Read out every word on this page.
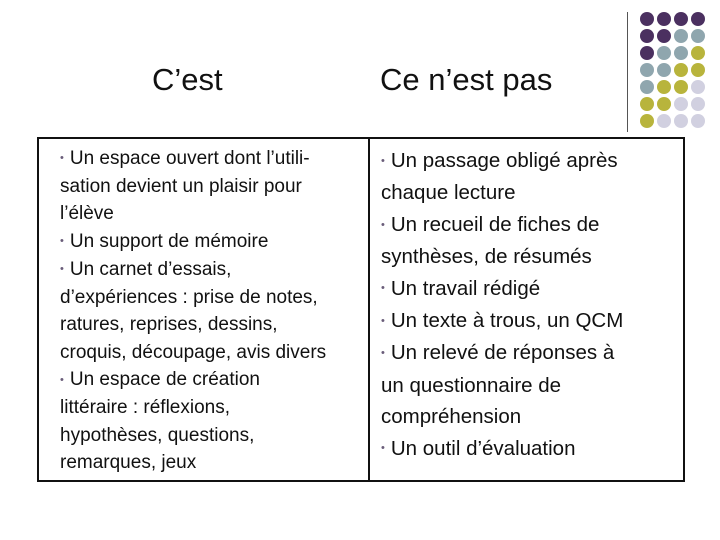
C’est	Ce n’est pas
• Un espace ouvert dont l’utili-
sation devient un plaisir pour
l’élève
• Un support de mémoire
• Un carnet d’essais,
d’expériences : prise de notes,
ratures, reprises, dessins,
croquis, découpage, avis divers
• Un espace de création
littéraire : réflexions,
hypothèses, questions,
remarques, jeux
• Un passage obligé après
chaque lecture
• Un recueil de fiches de
synthèses, de résumés
• Un travail rédigé
• Un texte à trous, un QCM
• Un relevé de réponses à
un questionnaire de
compréhension
• Un outil d’évaluation
